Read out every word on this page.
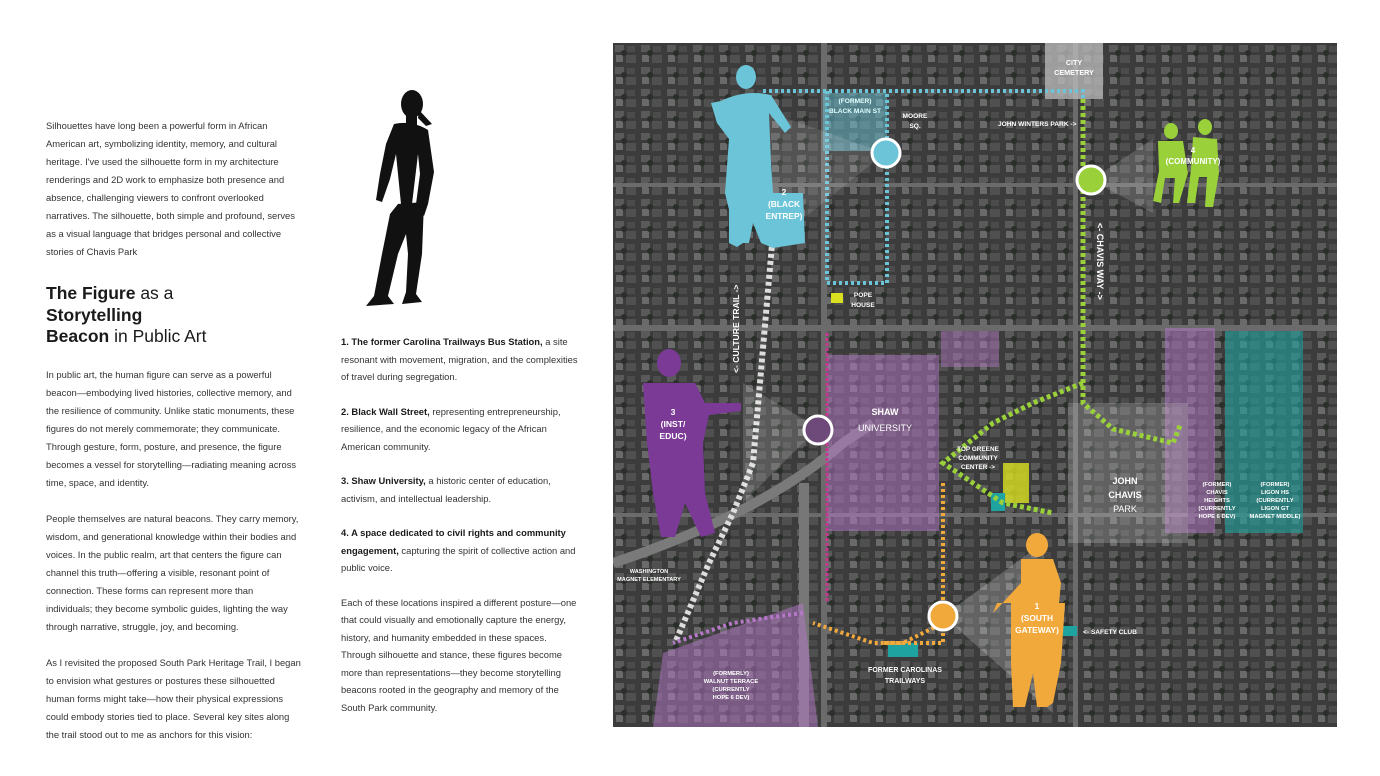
Silhouettes have long been a powerful form in African American art, symbolizing identity, memory, and cultural heritage. I've used the silhouette form in my architecture renderings and 2D work to emphasize both presence and absence, challenging viewers to confront overlooked narratives. The silhouette, both simple and profound, serves as a visual language that bridges personal and collective stories of Chavis Park

The Figure as a
Storytelling
Beacon in Public Art

In public art, the human figure can serve as a powerful beacon—embodying lived histories, collective memory, and the resilience of community. Unlike static monuments, these figures do not merely commemorate; they communicate. Through gesture, form, posture, and presence, the figure becomes a vessel for storytelling—radiating meaning across time, space, and identity.

People themselves are natural beacons. They carry memory, wisdom, and generational knowledge within their bodies and voices. In the public realm, art that centers the figure can channel this truth—offering a visible, resonant point of connection. These forms can represent more than individuals; they become symbolic guides, lighting the way through narrative, struggle, joy, and becoming.

As I revisited the proposed South Park Heritage Trail, I began to envision what gestures or postures these silhouetted human forms might take—how their physical expressions could embody stories tied to place. Several key sites along the trail stood out to me as anchors for this vision:

1. The former Carolina Trailways Bus Station, a site resonant with movement, migration, and the complexities of travel during segregation.

2. Black Wall Street, representing entrepreneurship, resilience, and the economic legacy of the African American community.

3. Shaw University, a historic center of education, activism, and intellectual leadership.

4. A space dedicated to civil rights and community engagement, capturing the spirit of collective action and public voice.

Each of these locations inspired a different posture—one that could visually and emotionally capture the energy, history, and humanity embedded in these spaces. Through silhouette and stance, these figures become more than representations—they become storytelling beacons rooted in the geography and memory of the South Park community.

CITY
CEMETERY
(FORMER)
BLACK MAIN ST
MOORE
SQ.	JOHN WINTERS PARK ->
4
(COMMUNITY)
2
(BLACK
ENTREP)
<- CHAVIS WAY ->
<- CULTURE TRAIL ->	POPE
HOUSE
3
(INST/
EDUC)
SHAW
UNIVERSITY
TOP GREENE
COMMUNITY
CENTER ->
JOHN
CHAVIS
PARK
(FORMER)
CHAVIS
HEIGHTS
(CURRENTLY
HOPE 6 DEV)
(FORMER)
LIGON HS
(CURRENTLY
LIGON GT
MAGNET MIDDLE)
WASHINGTON
MAGNET ELEMENTARY
1
(SOUTH
GATEWAY)	<- SAFETY CLUB
(FORMERLY)
WALNUT TERRACE
(CURRENTLY
HOPE 6 DEV)
FORMER CAROLINAS
TRAILWAYS
